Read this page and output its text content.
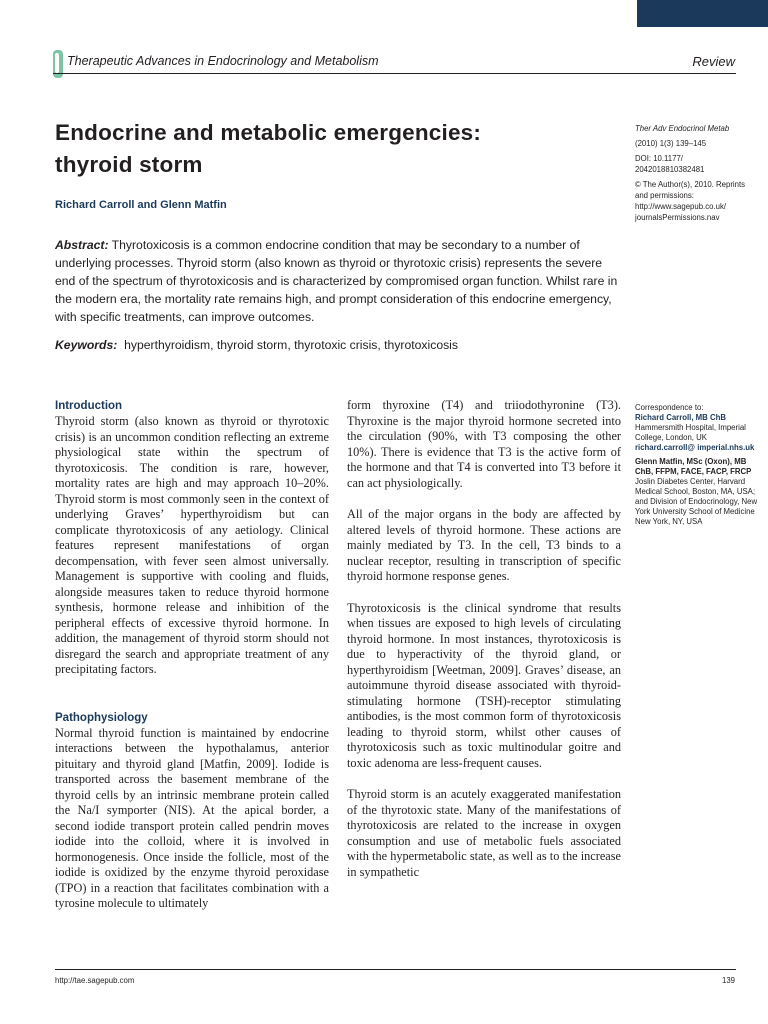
Therapeutic Advances in Endocrinology and Metabolism	Review
Endocrine and metabolic emergencies:
thyroid storm
Richard Carroll and Glenn Matfin

Abstract: Thyrotoxicosis is a common endocrine condition that may be secondary to a number of underlying processes. Thyroid storm (also known as thyroid or thyrotoxic crisis) represents the severe end of the spectrum of thyrotoxicosis and is characterized by compromised organ function. Whilst rare in the modern era, the mortality rate remains high, and prompt consideration of this endocrine emergency, with specific treatments, can improve outcomes.

Keywords: hyperthyroidism, thyroid storm, thyrotoxic crisis, thyrotoxicosis

Ther Adv Endocrinol Metab

(2010) 1(3) 139–145

DOI: 10.1177/ 2042018810382481

© The Author(s), 2010. Reprints and permissions: http://www.sagepub.co.uk/ journalsPermissions.nav

Correspondence to:

Richard Carroll, MB ChB

Hammersmith Hospital, Imperial College, London, UK

richard.carroll@ imperial.nhs.uk

Glenn Matfin, MSc (Oxon), MB ChB, FFPM, FACE, FACP, FRCP

Joslin Diabetes Center, Harvard Medical School, Boston, MA, USA; and Division of Endocrinology, New York University School of Medicine New York, NY, USA

Introduction

Thyroid storm (also known as thyroid or thyrotoxic crisis) is an uncommon condition reflecting an extreme physiological state within the spectrum of thyrotoxicosis. The condition is rare, however, mortality rates are high and may approach 10–20%. Thyroid storm is most commonly seen in the context of underlying Graves’ hyperthyroidism but can complicate thyrotoxicosis of any aetiology. Clinical features represent manifestations of organ decompensation, with fever seen almost universally. Management is supportive with cooling and fluids, alongside measures taken to reduce thyroid hormone synthesis, hormone release and inhibition of the peripheral effects of excessive thyroid hormone. In addition, the management of thyroid storm should not disregard the search and appropriate treatment of any precipitating factors.

Pathophysiology

Normal thyroid function is maintained by endocrine interactions between the hypothalamus, anterior pituitary and thyroid gland [Matfin, 2009]. Iodide is transported across the basement membrane of the thyroid cells by an intrinsic membrane protein called the Na/I symporter (NIS). At the apical border, a second iodide transport protein called pendrin moves iodide into the colloid, where it is involved in hormonogenesis. Once inside the follicle, most of the iodide is oxidized by the enzyme thyroid peroxidase (TPO) in a reaction that facilitates combination with a tyrosine molecule to ultimately

form thyroxine (T4) and triiodothyronine (T3). Thyroxine is the major thyroid hormone secreted into the circulation (90%, with T3 composing the other 10%). There is evidence that T3 is the active form of the hormone and that T4 is converted into T3 before it can act physiologically.

All of the major organs in the body are affected by altered levels of thyroid hormone. These actions are mainly mediated by T3. In the cell, T3 binds to a nuclear receptor, resulting in transcription of specific thyroid hormone response genes.

Thyrotoxicosis is the clinical syndrome that results when tissues are exposed to high levels of circulating thyroid hormone. In most instances, thyrotoxicosis is due to hyperactivity of the thyroid gland, or hyperthyroidism [Weetman, 2009]. Graves’ disease, an autoimmune thyroid disease associated with thyroid-stimulating hormone (TSH)-receptor stimulating antibodies, is the most common form of thyrotoxicosis leading to thyroid storm, whilst other causes of thyrotoxicosis such as toxic multinodular goitre and toxic adenoma are less-frequent causes.

Thyroid storm is an acutely exaggerated manifestation of the thyrotoxic state. Many of the manifestations of thyrotoxicosis are related to the increase in oxygen consumption and use of metabolic fuels associated with the hypermetabolic state, as well as to the increase in sympathetic

http://tae.sagepub.com	139
